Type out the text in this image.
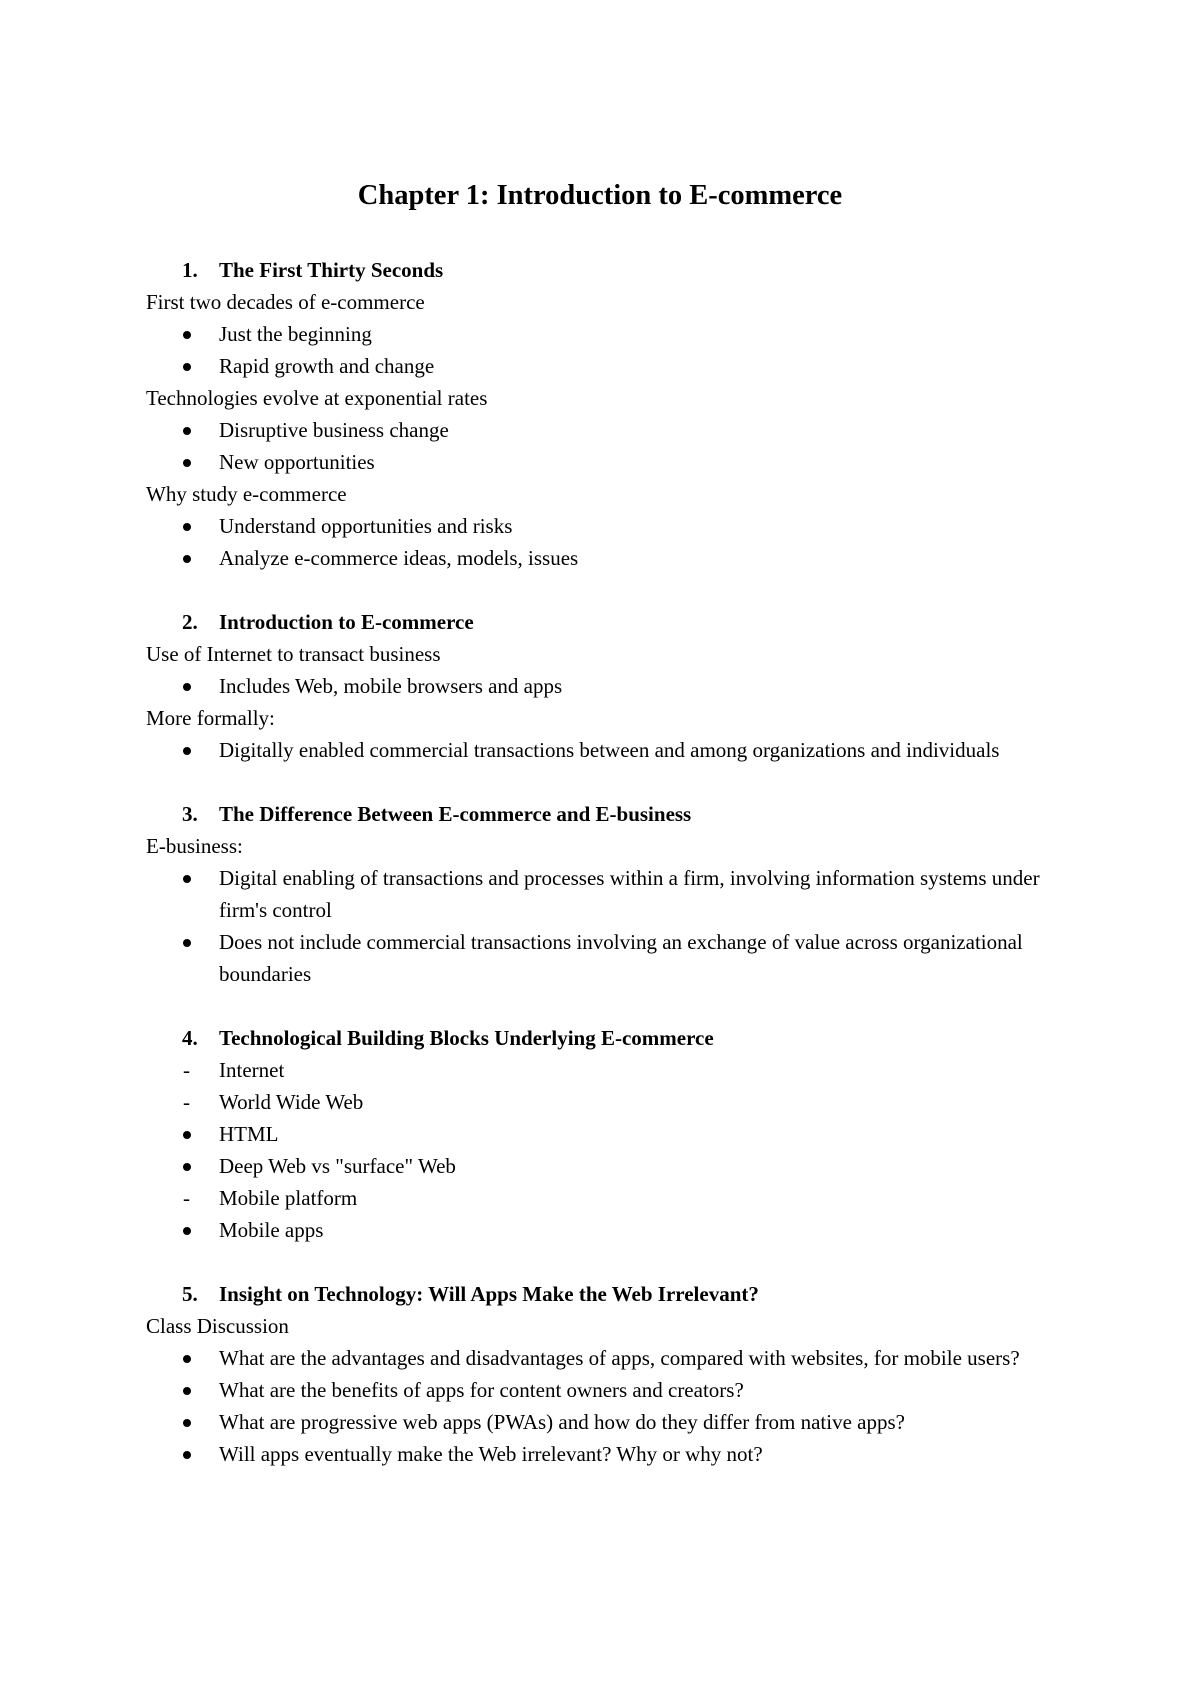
Chapter 1: Introduction to E-commerce
1.	The First Thirty Seconds
First two decades of e-commerce
Just the beginning
Rapid growth and change
Technologies evolve at exponential rates
Disruptive business change
New opportunities
Why study e-commerce
Understand opportunities and risks
Analyze e-commerce ideas, models, issues
2.	Introduction to E-commerce
Use of Internet to transact business
Includes Web, mobile browsers and apps
More formally:
Digitally enabled commercial transactions between and among organizations and individuals
3.	The Difference Between E-commerce and E-business
E-business:
Digital enabling of transactions and processes within a firm, involving information systems under firm's control
Does not include commercial transactions involving an exchange of value across organizational boundaries
4.	Technological Building Blocks Underlying E-commerce
-	Internet
-	World Wide Web
HTML
Deep Web vs "surface" Web
-	Mobile platform
Mobile apps
5.	Insight on Technology: Will Apps Make the Web Irrelevant?
Class Discussion
What are the advantages and disadvantages of apps, compared with websites, for mobile users?
What are the benefits of apps for content owners and creators?
What are progressive web apps (PWAs) and how do they differ from native apps?
Will apps eventually make the Web irrelevant? Why or why not?
